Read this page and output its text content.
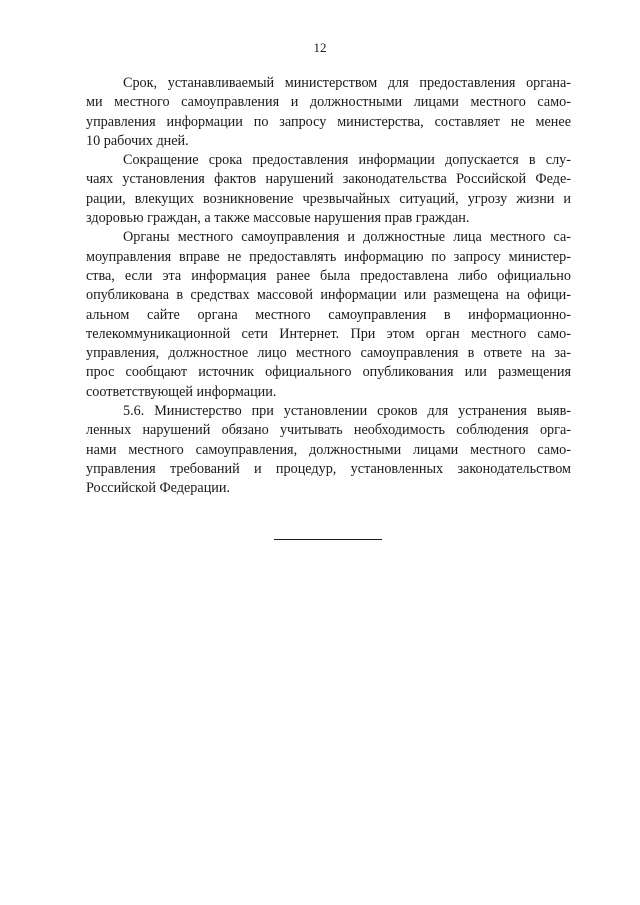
12
Срок, устанавливаемый министерством для предоставления органа-
ми местного самоуправления и должностными лицами местного само-
управления информации по запросу министерства, составляет не менее
10 рабочих дней.
Сокращение срока предоставления информации допускается в слу-
чаях установления фактов нарушений законодательства Российской Феде-
рации, влекущих возникновение чрезвычайных ситуаций, угрозу жизни и
здоровью граждан, а также массовые нарушения прав граждан.
Органы местного самоуправления и должностные лица местного са-
моуправления вправе не предоставлять информацию по запросу министер-
ства, если эта информация ранее была предоставлена либо официально
опубликована в средствах массовой информации или размещена на офици-
альном сайте органа местного самоуправления в информационно-
телекоммуникационной сети Интернет. При этом орган местного само-
управления, должностное лицо местного самоуправления в ответе на за-
прос сообщают источник официального опубликования или размещения
соответствующей информации.
5.6. Министерство при установлении сроков для устранения выяв-
ленных нарушений обязано учитывать необходимость соблюдения орга-
нами местного самоуправления, должностными лицами местного само-
управления требований и процедур, установленных законодательством
Российской Федерации.
